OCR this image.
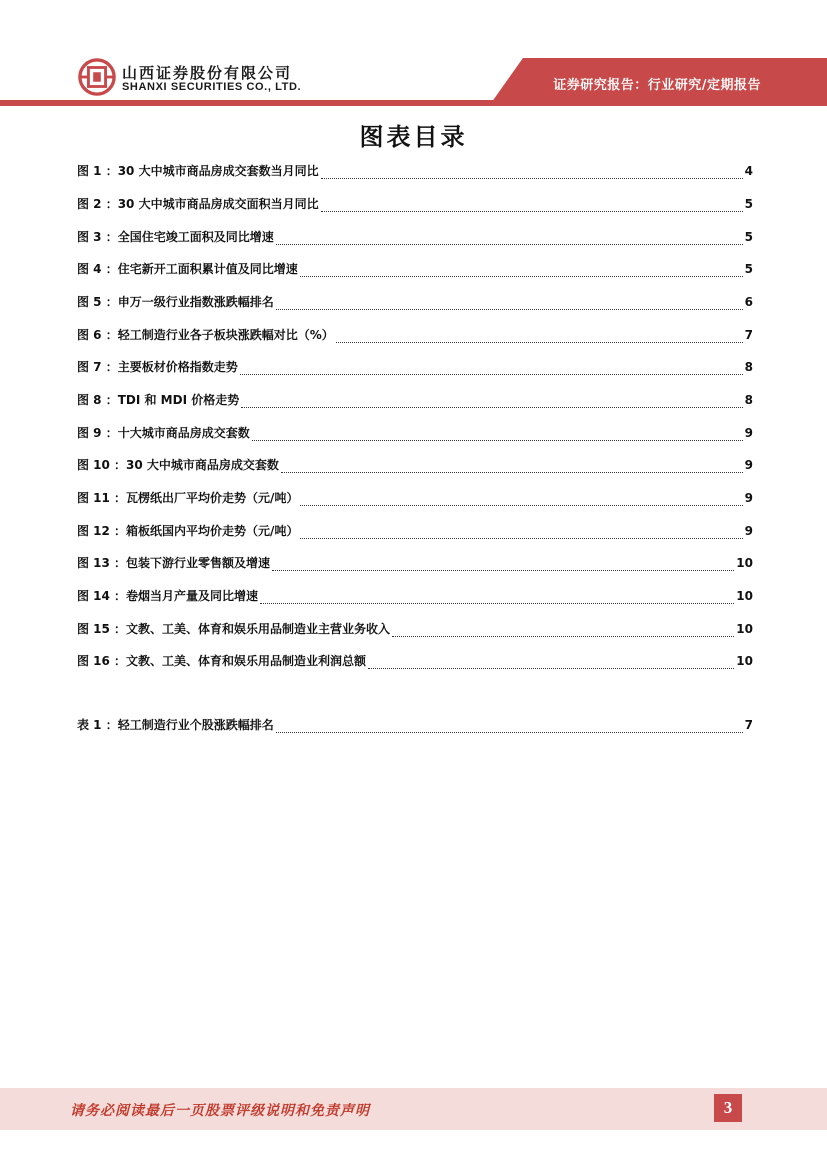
山西证券股份有限公司
SHANXI SECURITIES CO., LTD.	证券研究报告：行业研究/定期报告
图表目录
图 1 ：30 大中城市商品房成交套数当月同比	4
图 2 ：30 大中城市商品房成交面积当月同比	5
图 3 ：全国住宅竣工面积及同比增速	5
图 4 ：住宅新开工面积累计值及同比增速	5
图 5 ：申万一级行业指数涨跌幅排名	6
图 6 ：轻工制造行业各子板块涨跌幅对比（%）	7
图 7 ：主要板材价格指数走势	8
图 8 ：TDI 和 MDI 价格走势	8
图 9 ：十大城市商品房成交套数	9
图 10 ：30 大中城市商品房成交套数	9
图 11 ：瓦楞纸出厂平均价走势（元/吨）	9
图 12 ：箱板纸国内平均价走势（元/吨）	9
图 13 ：包装下游行业零售额及增速	10
图 14 ：卷烟当月产量及同比增速	10
图 15 ：文教、工美、体育和娱乐用品制造业主营业务收入	10
图 16 ：文教、工美、体育和娱乐用品制造业利润总额	10
表 1 ：轻工制造行业个股涨跌幅排名	7
请务必阅读最后一页股票评级说明和免责声明	3
